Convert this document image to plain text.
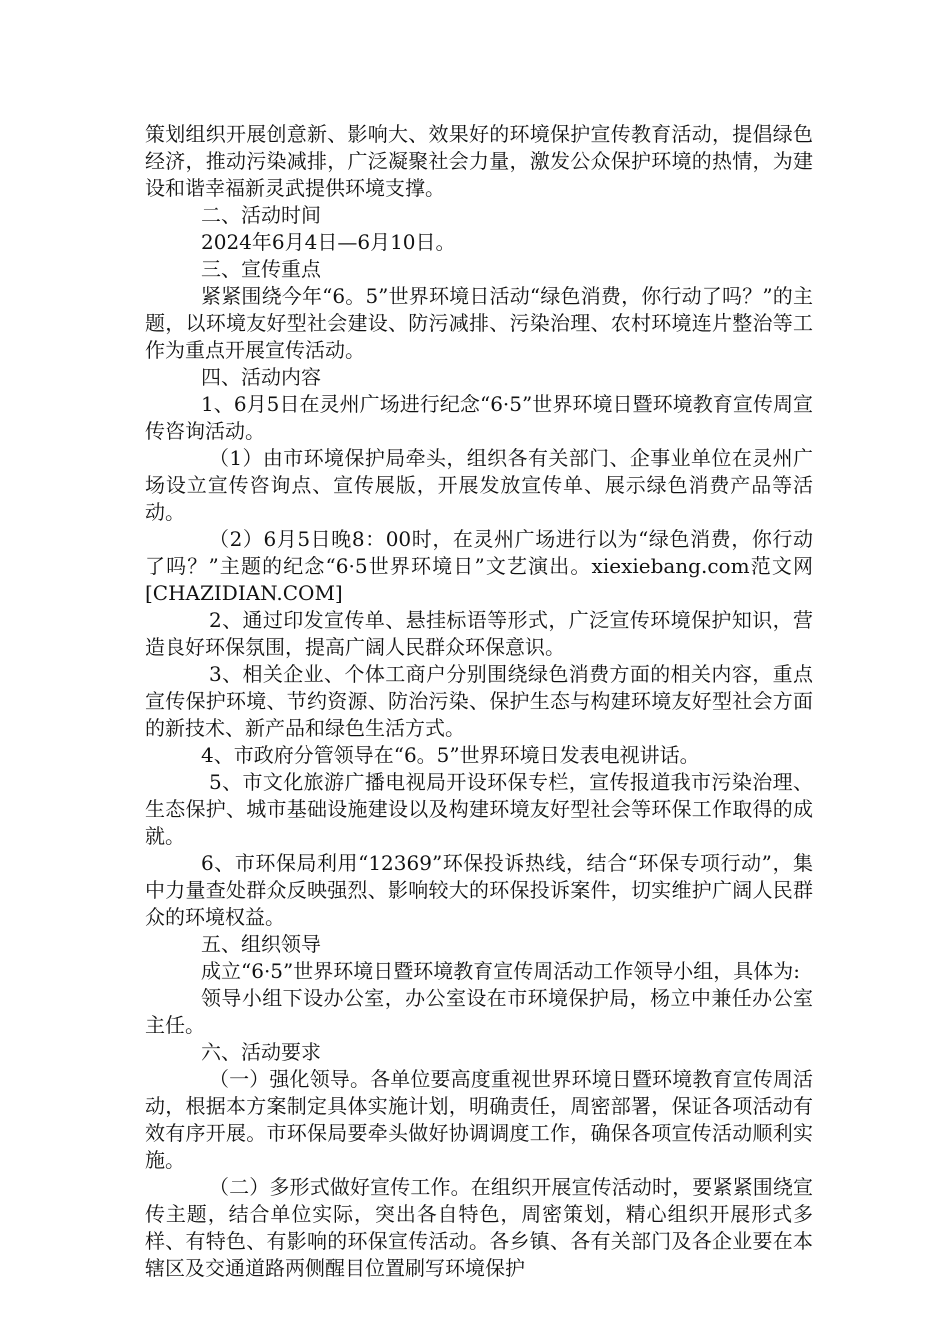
策划组织开展创意新、影响大、效果好的环境保护宣传教育活动，提倡绿色经济，推动污染减排，广泛凝聚社会力量，激发公众保护环境的热情，为建设和谐幸福新灵武提供环境支撑。

二、活动时间

2024年6月4日—6月10日。

三、宣传重点

紧紧围绕今年“6。5”世界环境日活动“绿色消费，你行动了吗？”的主题，以环境友好型社会建设、防污减排、污染治理、农村环境连片整治等工作为重点开展宣传活动。

四、活动内容

1、6月5日在灵州广场进行纪念“6·5”世界环境日暨环境教育宣传周宣传咨询活动。

（1）由市环境保护局牵头，组织各有关部门、企事业单位在灵州广场设立宣传咨询点、宣传展版，开展发放宣传单、展示绿色消费产品等活动。

（2）6月5日晚8：00时，在灵州广场进行以为“绿色消费，你行动了吗？”主题的纪念“6·5世界环境日”文艺演出。xiexiebang.com范文网[CHAZIDIAN.COM]

2、通过印发宣传单、悬挂标语等形式，广泛宣传环境保护知识，营造良好环保氛围，提高广阔人民群众环保意识。

3、相关企业、个体工商户分别围绕绿色消费方面的相关内容，重点宣传保护环境、节约资源、防治污染、保护生态与构建环境友好型社会方面的新技术、新产品和绿色生活方式。

4、市政府分管领导在“6。5”世界环境日发表电视讲话。

5、市文化旅游广播电视局开设环保专栏，宣传报道我市污染治理、生态保护、城市基础设施建设以及构建环境友好型社会等环保工作取得的成就。

6、市环保局利用“12369”环保投诉热线，结合“环保专项行动”，集中力量查处群众反映强烈、影响较大的环保投诉案件，切实维护广阔人民群众的环境权益。

五、组织领导

成立“6·5”世界环境日暨环境教育宣传周活动工作领导小组，具体为:

领导小组下设办公室，办公室设在市环境保护局，杨立中兼任办公室主任。

六、活动要求

（一）强化领导。各单位要高度重视世界环境日暨环境教育宣传周活动，根据本方案制定具体实施计划，明确责任，周密部署，保证各项活动有效有序开展。市环保局要牵头做好协调调度工作，确保各项宣传活动顺利实施。

（二）多形式做好宣传工作。在组织开展宣传活动时，要紧紧围绕宣传主题，结合单位实际，突出各自特色，周密策划，精心组织开展形式多样、有特色、有影响的环保宣传活动。各乡镇、各有关部门及各企业要在本辖区及交通道路两侧醒目位置刷写环境保护
